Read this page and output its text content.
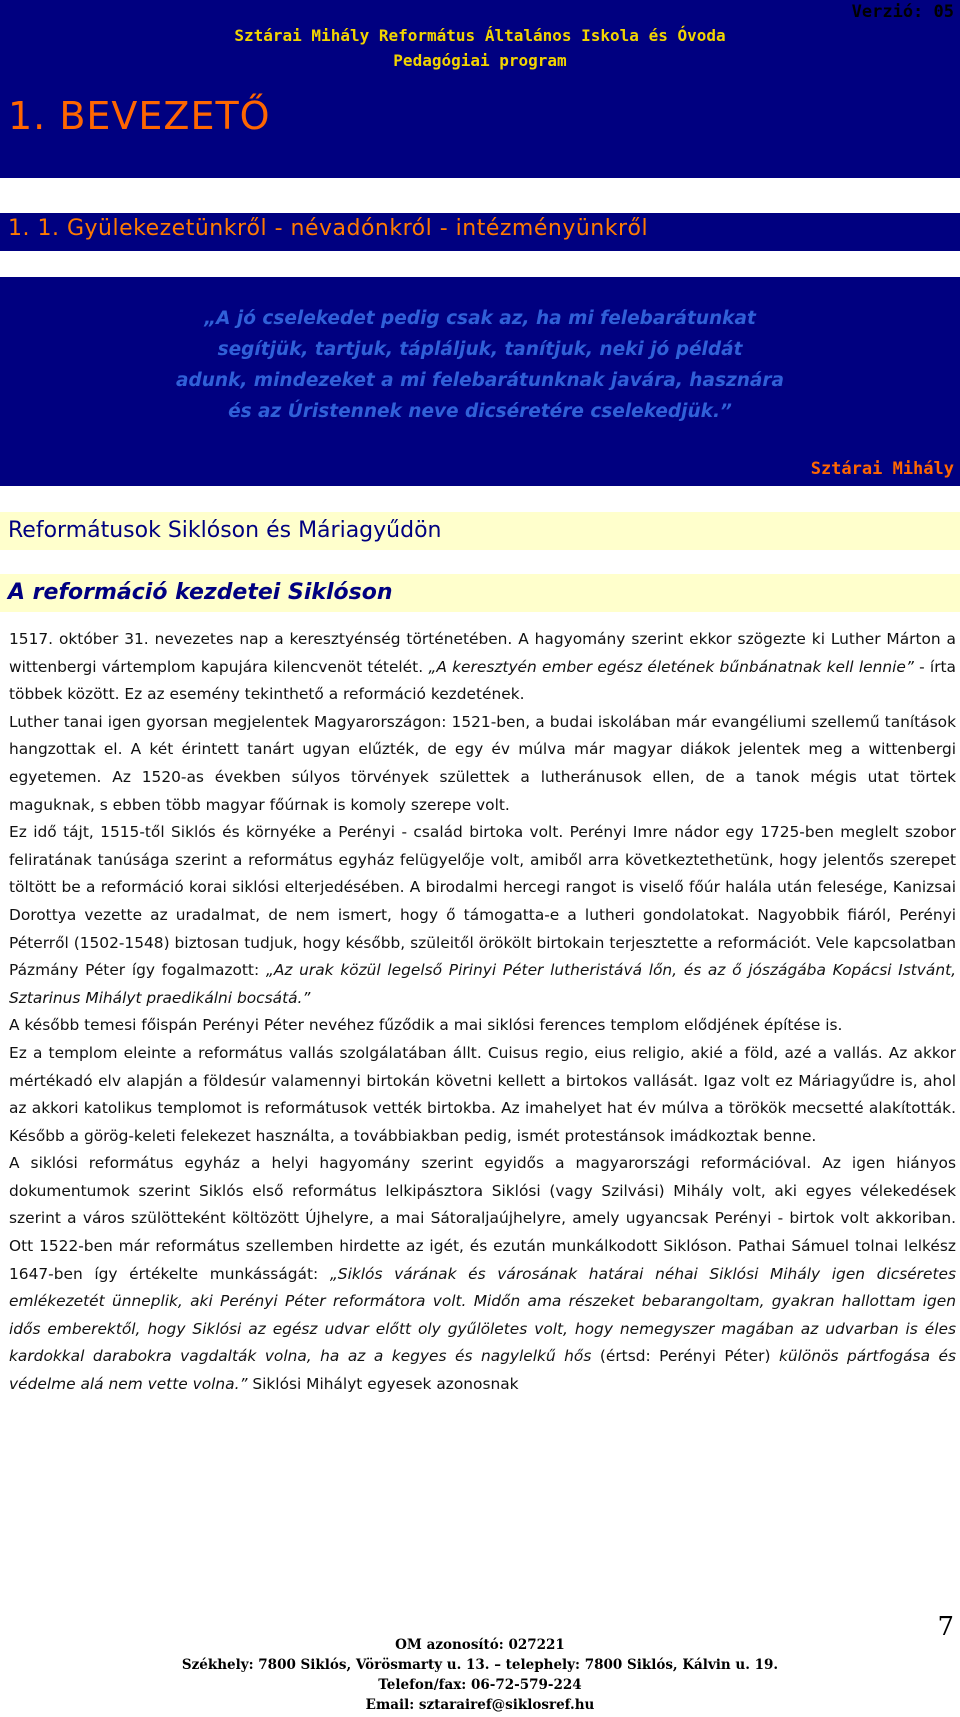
Sztárai Mihály Református Általános Iskola és Óvoda
Pedagógiai program
1. BEVEZETŐ
Verzió: 05
1. 1. Gyülekezetünkről - névadónkról - intézményünkről
„A jó cselekedet pedig csak az, ha mi felebarátunkat
segítjük, tartjuk, tápláljuk, tanítjuk, neki jó példát
adunk, mindezeket a mi felebarátunknak javára, hasznára
és az Úristennek neve dicséretére cselekedjük.”
Sztárai Mihály
Reformátusok Siklóson és Máriagyűdön
A reformáció kezdetei Siklóson

1517. október 31. nevezetes nap a keresztyénség történetében. A hagyomány szerint ekkor szögezte ki Luther Márton a wittenbergi vártemplom kapujára kilencvenöt tételét. „A keresztyén ember egész életének bűnbánatnak kell lennie” - írta többek között. Ez az esemény tekinthető a reformáció kezdetének.

Luther tanai igen gyorsan megjelentek Magyarországon: 1521-ben, a budai iskolában már evangéliumi szellemű tanítások hangzottak el. A két érintett tanárt ugyan elűzték, de egy év múlva már magyar diákok jelentek meg a wittenbergi egyetemen. Az 1520-as években súlyos törvények születtek a lutheránusok ellen, de a tanok mégis utat törtek maguknak, s ebben több magyar főúrnak is komoly szerepe volt.

Ez idő tájt, 1515-től Siklós és környéke a Perényi - család birtoka volt. Perényi Imre nádor egy 1725-ben meglelt szobor feliratának tanúsága szerint a református egyház felügyelője volt, amiből arra következtethetünk, hogy jelentős szerepet töltött be a reformáció korai siklósi elterjedésében. A birodalmi hercegi rangot is viselő főúr halála után felesége, Kanizsai Dorottya vezette az uradalmat, de nem ismert, hogy ő támogatta-e a lutheri gondolatokat. Nagyobbik fiáról, Perényi Péterről (1502-1548) biztosan tudjuk, hogy később, szüleitől örökölt birtokain terjesztette a reformációt. Vele kapcsolatban Pázmány Péter így fogalmazott: „Az urak közül legelső Pirinyi Péter lutheristává lőn, és az ő jószágába Kopácsi Istvánt, Sztarinus Mihályt praedikálni bocsátá.”

A később temesi főispán Perényi Péter nevéhez fűződik a mai siklósi ferences templom elődjének építése is.

Ez a templom eleinte a református vallás szolgálatában állt. Cuisus regio, eius religio, akié a föld, azé a vallás. Az akkor mértékadó elv alapján a földesúr valamennyi birtokán követni kellett a birtokos vallását. Igaz volt ez Máriagyűdre is, ahol az akkori katolikus templomot is reformátusok vették birtokba. Az imahelyet hat év múlva a törökök mecsetté alakították. Később a görög-keleti felekezet használta, a továbbiakban pedig, ismét protestánsok imádkoztak benne.

A siklósi református egyház a helyi hagyomány szerint egyidős a magyarországi reformációval. Az igen hiányos dokumentumok szerint Siklós első református lelkipásztora Siklósi (vagy Szilvási) Mihály volt, aki egyes vélekedések szerint a város szülötteként költözött Újhelyre, a mai Sátoraljaújhelyre, amely ugyancsak Perényi - birtok volt akkoriban. Ott 1522-ben már református szellemben hirdette az igét, és ezután munkálkodott Siklóson. Pathai Sámuel tolnai lelkész 1647-ben így értékelte munkásságát: „Siklós várának és városának határai néhai Siklósi Mihály igen dicséretes emlékezetét ünneplik, aki Perényi Péter reformátora volt. Midőn ama részeket bebarangoltam, gyakran hallottam igen idős emberektől, hogy Siklósi az egész udvar előtt oly gyűlöletes volt, hogy nemegyszer magában az udvarban is éles kardokkal darabokra vagdalták volna, ha az a kegyes és nagylelkű hős (értsd: Perényi Péter) különös pártfogása és védelme alá nem vette volna.” Siklósi Mihályt egyesek azonosnak

7
OM azonosító: 027221
Székhely: 7800 Siklós, Vörösmarty u. 13. – telephely: 7800 Siklós, Kálvin u. 19.
Telefon/fax: 06-72-579-224
Email: sztarairef@siklosref.hu
